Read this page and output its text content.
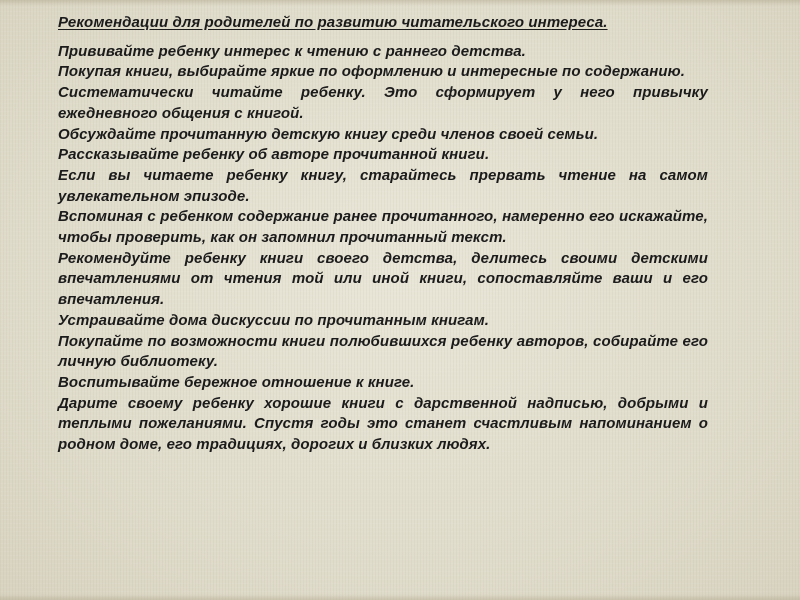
Рекомендации для родителей по развитию читательского интереса.

Прививайте ребенку интерес к чтению с раннего детства.

Покупая книги, выбирайте яркие по оформлению и интересные по содержанию.

Систематически читайте ребенку. Это сформирует у него привычку ежедневного общения с книгой.

Обсуждайте прочитанную детскую книгу среди членов своей семьи.

Рассказывайте ребенку об авторе прочитанной книги.

Если вы читаете ребенку книгу, старайтесь прервать чтение на самом увлекательном эпизоде.

Вспоминая с ребенком содержание ранее прочитанного, намеренно его искажайте, чтобы проверить, как он запомнил прочитанный текст.

Рекомендуйте ребенку книги своего детства, делитесь своими детскими впечатлениями от чтения той или иной книги, сопоставляйте ваши и его впечатления.

Устраивайте дома дискуссии по прочитанным книгам.

Покупайте по возможности книги полюбившихся ребенку авторов, собирайте его личную библиотеку.

Воспитывайте бережное отношение к книге.

Дарите своему ребенку хорошие книги с дарственной надписью, добрыми и теплыми пожеланиями. Спустя годы это станет счастливым напоминанием о родном доме, его традициях, дорогих и близких людях.
